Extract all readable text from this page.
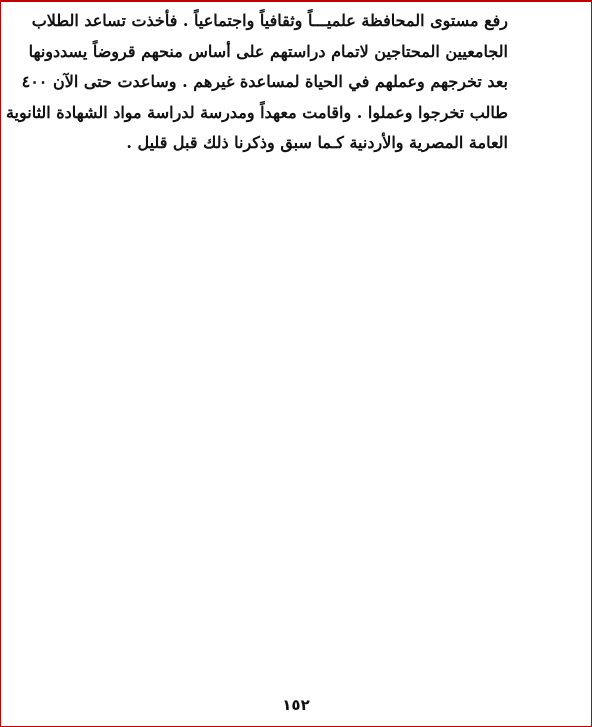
رفع مستوى المحافظة علميـــاً وثقافياً واجتماعياً . فأخذت تساعد الطلاب
الجامعيين المحتاجين لاتمام دراستهم على أساس منحهم قروضاً يسددونها
بعد تخرجهم وعملهم في الحياة لمساعدة غيرهم . وساعدت حتى الآن ٤٠٠
طالب تخرجوا وعملوا . واقامت معهداً ومدرسة لدراسة مواد الشهادة الثانوية
العامة المصرية والأردنية كـما سبق وذكرنا ذلك قبل قليل .
١٥٢
